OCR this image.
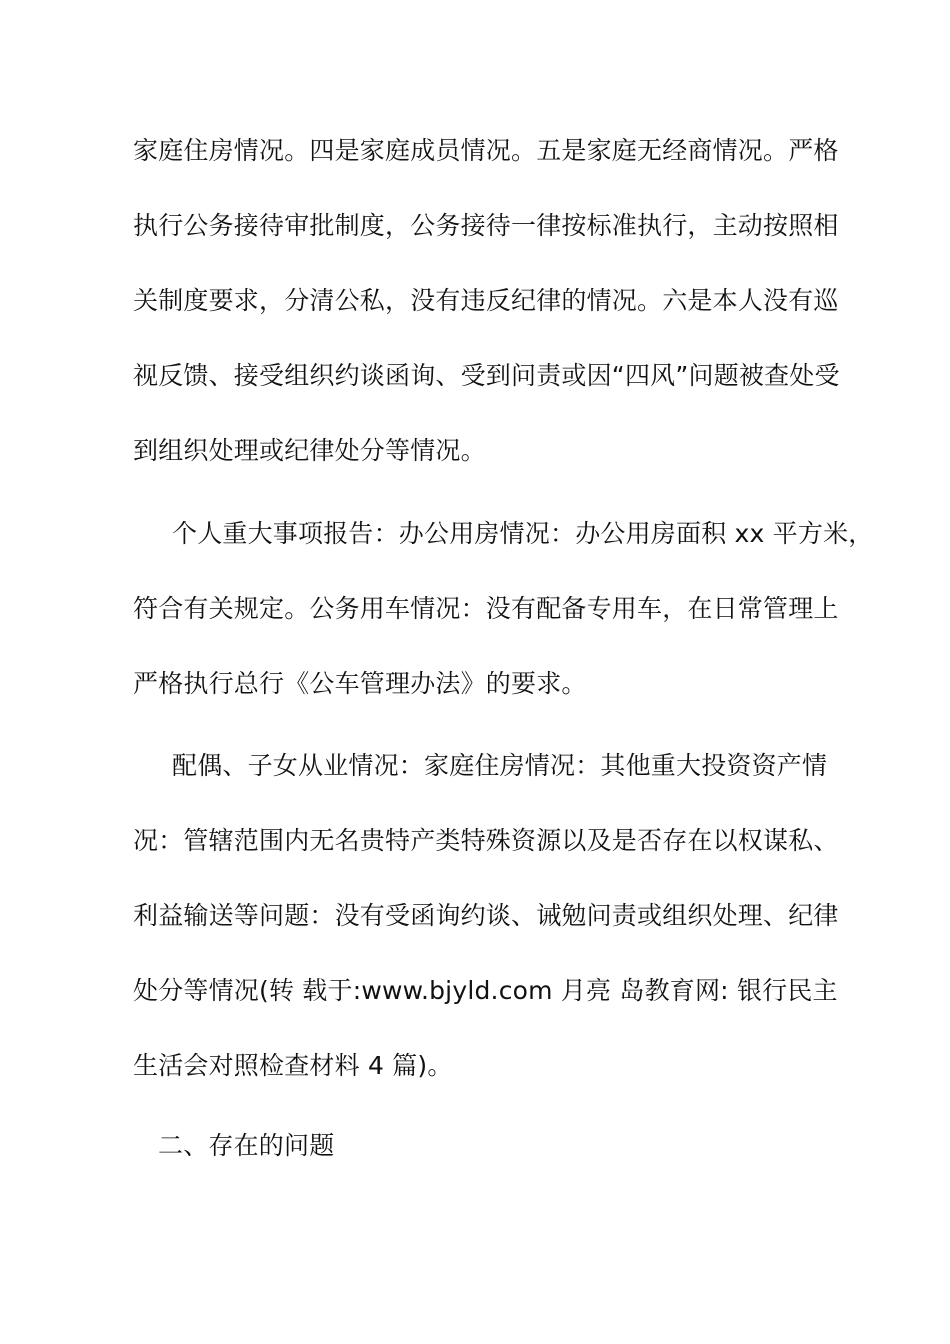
家庭住房情况。四是家庭成员情况。五是家庭无经商情况。严格
执行公务接待审批制度，公务接待一律按标准执行，主动按照相
关制度要求，分清公私，没有违反纪律的情况。六是本人没有巡
视反馈、接受组织约谈函询、受到问责或因“四风”问题被查处受
到组织处理或纪律处分等情况。
个人重大事项报告：办公用房情况：办公用房面积 xx 平方米，
符合有关规定。公务用车情况：没有配备专用车，在日常管理上
严格执行总行《公车管理办法》的要求。
配偶、子女从业情况：家庭住房情况：其他重大投资资产情
况：管辖范围内无名贵特产类特殊资源以及是否存在以权谋私、
利益输送等问题：没有受函询约谈、诫勉问责或组织处理、纪律
处分等情况(转 载于:www.bjyld.com 月亮 岛教育网: 银行民主
生活会对照检查材料 4 篇)。
二、存在的问题
